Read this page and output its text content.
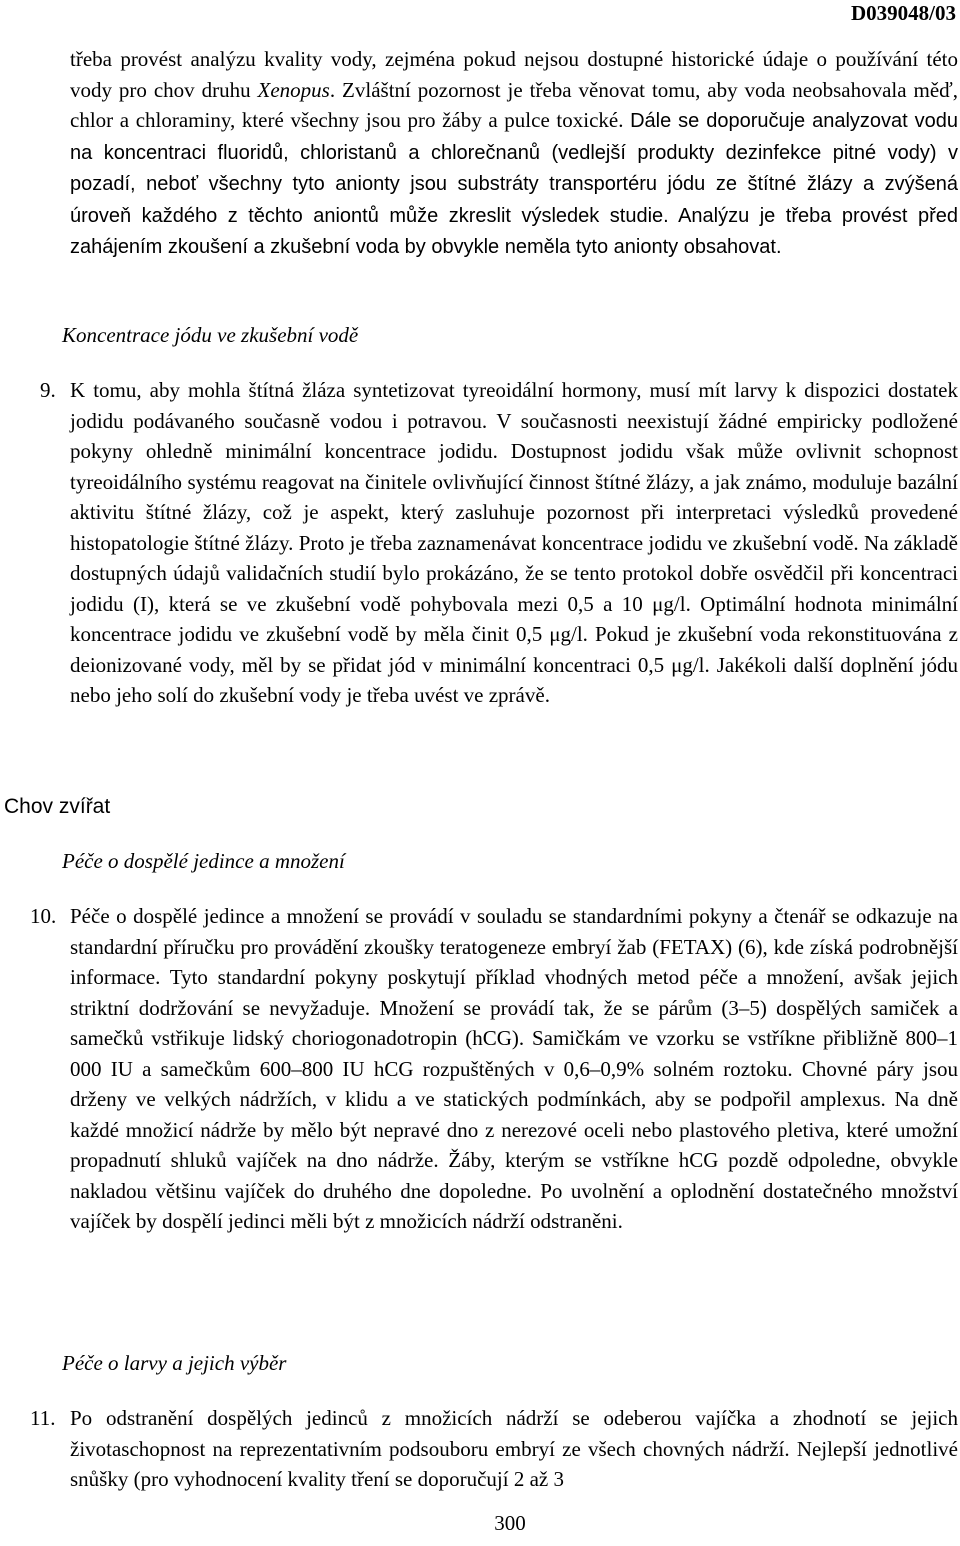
D039048/03

třeba provést analýzu kvality vody, zejména pokud nejsou dostupné historické údaje o používání této vody pro chov druhu Xenopus. Zvláštní pozornost je třeba věnovat tomu, aby voda neobsahovala měď, chlor a chloraminy, které všechny jsou pro žáby a pulce toxické. Dále se doporučuje analyzovat vodu na koncentraci fluoridů, chloristanů a chlorečnanů (vedlejší produkty dezinfekce pitné vody) v pozadí, neboť všechny tyto anionty jsou substráty transportéru jódu ze štítné žlázy a zvýšená úroveň každého z těchto aniontů může zkreslit výsledek studie. Analýzu je třeba provést před zahájením zkoušení a zkušební voda by obvykle neměla tyto anionty obsahovat.

Koncentrace jódu ve zkušební vodě

9. K tomu, aby mohla štítná žláza syntetizovat tyreoidální hormony, musí mít larvy k dispozici dostatek jodidu podávaného současně vodou i potravou. V současnosti neexistují žádné empiricky podložené pokyny ohledně minimální koncentrace jodidu. Dostupnost jodidu však může ovlivnit schopnost tyreoidálního systému reagovat na činitele ovlivňující činnost štítné žlázy, a jak známo, moduluje bazální aktivitu štítné žlázy, což je aspekt, který zasluhuje pozornost při interpretaci výsledků provedené histopatologie štítné žlázy. Proto je třeba zaznamenávat koncentrace jodidu ve zkušební vodě. Na základě dostupných údajů validačních studií bylo prokázáno, že se tento protokol dobře osvědčil při koncentraci jodidu (I), která se ve zkušební vodě pohybovala mezi 0,5 a 10 μg/l. Optimální hodnota minimální koncentrace jodidu ve zkušební vodě by měla činit 0,5 μg/l. Pokud je zkušební voda rekonstituována z deionizované vody, měl by se přidat jód v minimální koncentraci 0,5 μg/l. Jakékoli další doplnění jódu nebo jeho solí do zkušební vody je třeba uvést ve zprávě.

Chov zvířat

Péče o dospělé jedince a množení

10. Péče o dospělé jedince a množení se provádí v souladu se standardními pokyny a čtenář se odkazuje na standardní příručku pro provádění zkoušky teratogeneze embryí žab (FETAX) (6), kde získá podrobnější informace. Tyto standardní pokyny poskytují příklad vhodných metod péče a množení, avšak jejich striktní dodržování se nevyžaduje. Množení se provádí tak, že se párům (3–5) dospělých samiček a samečků vstřikuje lidský choriogonadotropin (hCG). Samičkám ve vzorku se vstříkne přibližně 800–1 000 IU a samečkům 600–800 IU hCG rozpuštěných v 0,6–0,9% solném roztoku. Chovné páry jsou drženy ve velkých nádržích, v klidu a ve statických podmínkách, aby se podpořil amplexus. Na dně každé množicí nádrže by mělo být nepravé dno z nerezové oceli nebo plastového pletiva, které umožní propadnutí shluků vajíček na dno nádrže. Žáby, kterým se vstříkne hCG pozdě odpoledne, obvykle nakladou většinu vajíček do druhého dne dopoledne. Po uvolnění a oplodnění dostatečného množství vajíček by dospělí jedinci měli být z množicích nádrží odstraněni.

Péče o larvy a jejich výběr

11. Po odstranění dospělých jedinců z množicích nádrží se odeberou vajíčka a zhodnotí se jejich životaschopnost na reprezentativním podsouboru embryí ze všech chovných nádrží. Nejlepší jednotlivé snůšky (pro vyhodnocení kvality tření se doporučují 2 až 3

300
